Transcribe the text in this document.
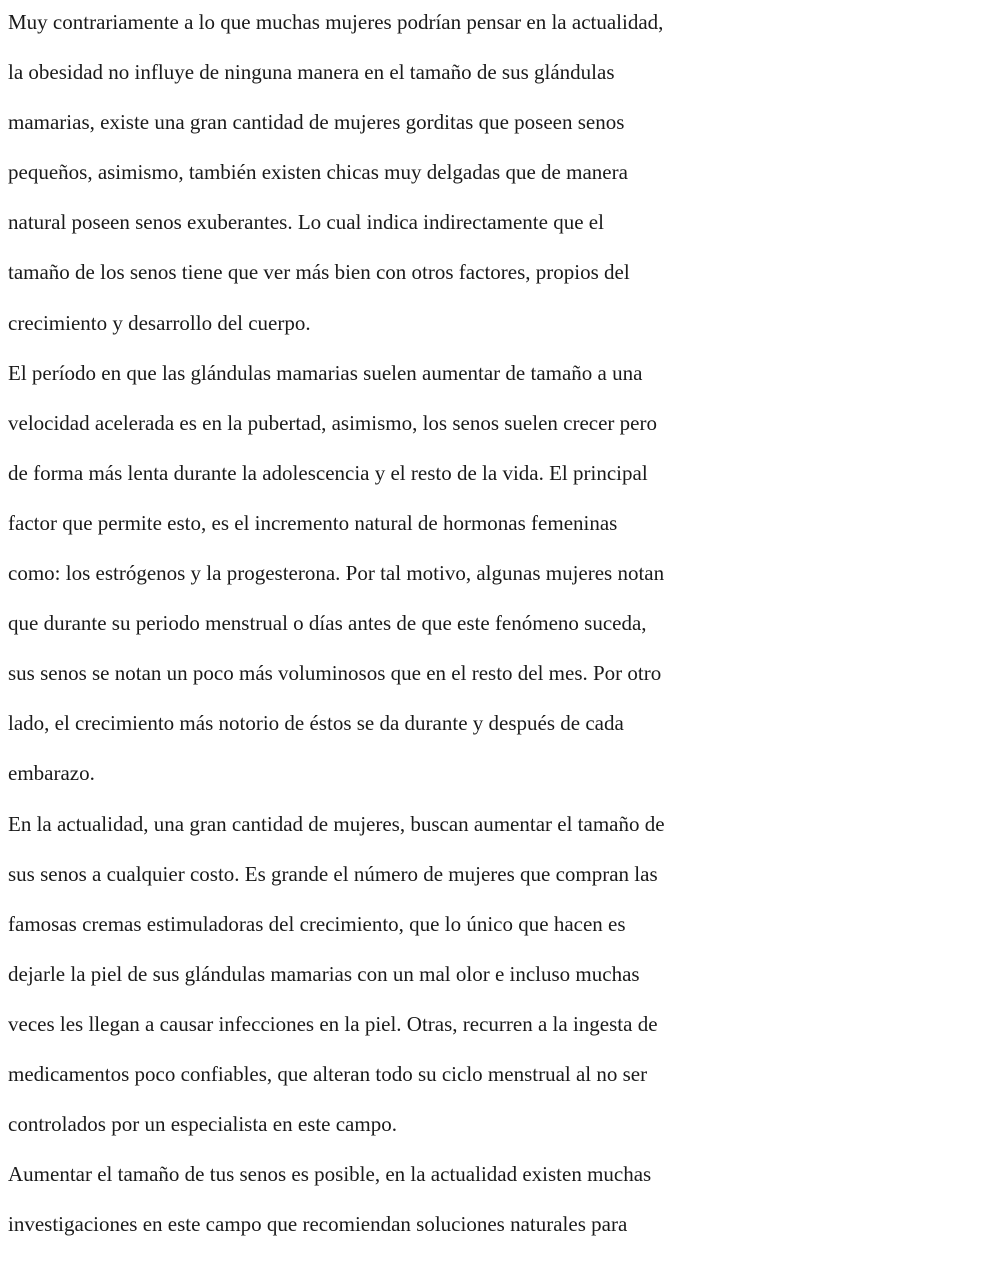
Muy contrariamente a lo que muchas mujeres podrían pensar en la actualidad,
la obesidad no influye de ninguna manera en el tamaño de sus glándulas
mamarias, existe una gran cantidad de mujeres gorditas que poseen senos
pequeños, asimismo, también existen chicas muy delgadas que de manera
natural poseen senos exuberantes. Lo cual indica indirectamente que el
tamaño de los senos tiene que ver más bien con otros factores, propios del
crecimiento y desarrollo del cuerpo.
El período en que las glándulas mamarias suelen aumentar de tamaño a una
velocidad acelerada es en la pubertad, asimismo, los senos suelen crecer pero
de forma más lenta durante la adolescencia y el resto de la vida. El principal
factor que permite esto, es el incremento natural de hormonas femeninas
como: los estrógenos y la progesterona. Por tal motivo, algunas mujeres notan
que durante su periodo menstrual o días antes de que este fenómeno suceda,
sus senos se notan un poco más voluminosos que en el resto del mes. Por otro
lado, el crecimiento más notorio de éstos se da durante y después de cada
embarazo.
En la actualidad, una gran cantidad de mujeres, buscan aumentar el tamaño de
sus senos a cualquier costo. Es grande el número de mujeres que compran las
famosas cremas estimuladoras del crecimiento, que lo único que hacen es
dejarle la piel de sus glándulas mamarias con un mal olor e incluso muchas
veces les llegan a causar infecciones en la piel. Otras, recurren a la ingesta de
medicamentos poco confiables, que alteran todo su ciclo menstrual al no ser
controlados por un especialista en este campo.
Aumentar el tamaño de tus senos es posible, en la actualidad existen muchas
investigaciones en este campo que recomiendan soluciones naturales para
